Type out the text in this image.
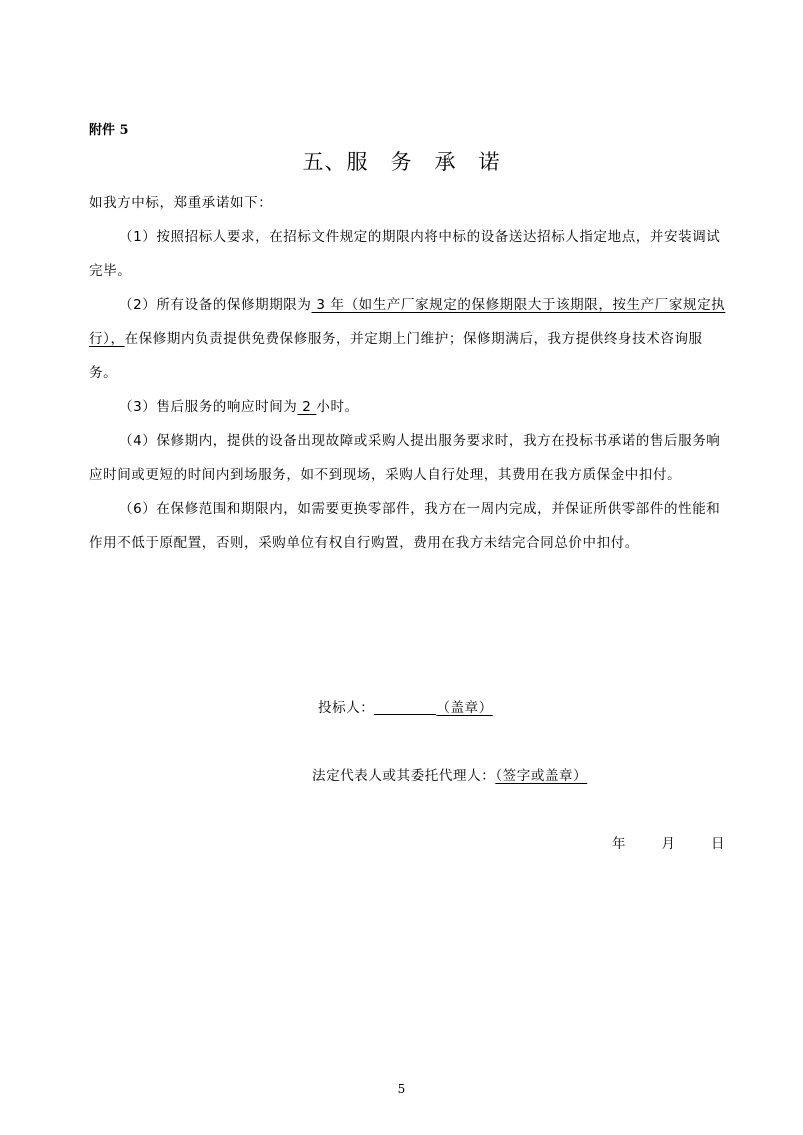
附件 5
五、服 务 承 诺
如我方中标，郑重承诺如下：
（1）按照招标人要求，在招标文件规定的期限内将中标的设备送达招标人指定地点，并安装调试完毕。
（2）所有设备的保修期期限为 3 年（如生产厂家规定的保修期限大于该期限，按生产厂家规定执行），在保修期内负责提供免费保修服务，并定期上门维护；保修期满后，我方提供终身技术咨询服务。
（3）售后服务的响应时间为 2 小时。
（4）保修期内，提供的设备出现故障或采购人提出服务要求时，我方在投标书承诺的售后服务响应时间或更短的时间内到场服务，如不到现场，采购人自行处理，其费用在我方质保金中扣付。
（6）在保修范围和期限内，如需要更换零部件，我方在一周内完成，并保证所供零部件的性能和作用不低于原配置，否则，采购单位有权自行购置，费用在我方未结完合同总价中扣付。
投标人：	（盖章）
法定代表人或其委托代理人：（签字或盖章）
年	月	日
5
